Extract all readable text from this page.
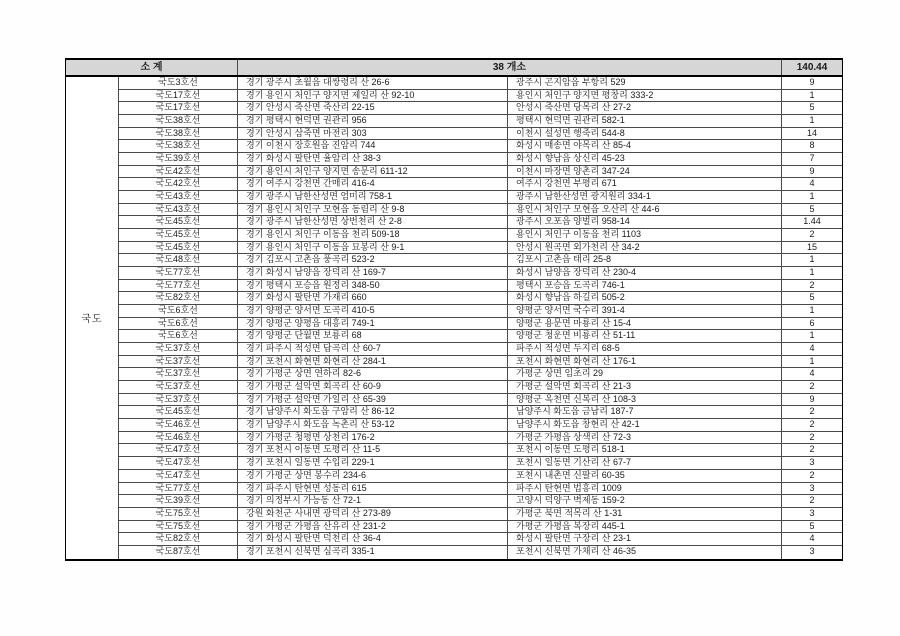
소 계	38 개소	140.44
국도
국도3호선	경기 광주시 초월읍 대쌍령리 산 26-6	광주시 곤지암읍 부항리 529	9
국도17호선	경기 용인시 처인구 양지면 제일리 산 92-10	용인시 처인구 양지면 평창리 333-2	1
국도17호선	경기 안성시 죽산면 죽산리 22-15	안성시 죽산면 당목리 산 27-2	5
국도38호선	경기 평택시 현덕면 권관리 956	평택시 현덕면 권관리 582-1	1
국도38호선	경기 안성시 삼죽면 마전리 303	이천시 설성면 행죽리 544-8	14
국도38호선	경기 이천시 장호원읍 진암리 744	화성시 매송면 야목리 산 85-4	8
국도39호선	경기 화성시 팔탄면 율암리 산 38-3	화성시 향남읍 상신리 45-23	7
국도42호선	경기 용인시 처인구 양지면 송문리 611-12	이천시 마장면 양촌리 347-24	9
국도42호선	경기 여주시 강천면 간매리 416-4	여주시 강천면 부평리 671	4
국도43호선	경기 광주시 남한산성면 엄미리 758-1	광주시 남한산성면 광지원리 334-1	1
국도43호선	경기 용인시 처인구 모현읍 동림리 산 9-8	용인시 처인구 모현읍 오산리 산 44-6	5
국도45호선	경기 광주시 남한산성면 상번천리 산 2-8	광주시 오포읍 양벌리 958-14	1.44
국도45호선	경기 용인시 처인구 이동읍 천리 509-18	용인시 처인구 이동읍 천리 1103	2
국도45호선	경기 용인시 처인구 이동읍 묘봉리 산 9-1	안성시 원곡면 외가천리 산 34-2	15
국도48호선	경기 김포시 고촌읍 풍곡리 523-2	김포시 고촌읍 태리 25-8	1
국도77호선	경기 화성시 남양읍 장덕리 산 169-7	화성시 남양읍 장덕리 산 230-4	1
국도77호선	경기 평택시 포승읍 원정리 348-50	평택시 포승읍 도곡리 746-1	2
국도82호선	경기 화성시 팔탄면 가재리 660	화성시 향남읍 하길리 505-2	5
국도6호선	경기 양평군 양서면 도곡리 410-5	양평군 양서면 국수리 391-4	1
국도6호선	경기 양평군 양평읍 대흥리 749-1	양평군 용문면 마룡리 산 15-4	6
국도6호선	경기 양평군 단월면 보룡리 68	양평군 청운면 비룡리 산 51-11	1
국도37호선	경기 파주시 적성면 답곡리 산 60-7	파주시 적성면 두지리 68-5	4
국도37호선	경기 포천시 화현면 화현리 산 284-1	포천시 화현면 화현리 산 176-1	1
국도37호선	경기 가평군 상면 연하리 82-6	가평군 상면 임초리 29	4
국도37호선	경기 가평군 설악면 회곡리 산 60-9	가평군 설악면 회곡리 산 21-3	2
국도37호선	경기 가평군 설악면 가일리 산 65-39	양평군 옥천면 신복리 산 108-3	9
국도45호선	경기 남양주시 화도읍 구암리 산 86-12	남양주시 화도읍 금남리 187-7	2
국도46호선	경기 남양주시 화도읍 녹촌리 산 53-12	남양주시 화도읍 창현리 산 42-1	2
국도46호선	경기 가평군 청평면 상천리 176-2	가평군 가평읍 상색리 산 72-3	2
국도47호선	경기 포천시 이동면 도평리 산 11-5	포천시 이동면 도평리 518-1	2
국도47호선	경기 포천시 일동면 수입리 229-1	포천시 일동면 기산리 산 67-7	3
국도47호선	경기 가평군 상면 봉수리 234-6	포천시 내촌면 신팔리 60-35	2
국도77호선	경기 파주시 탄현면 성동리 615	파주시 탄현면 법흥리 1009	3
국도39호선	경기 의정부시 가능동 산 72-1	고양시 덕양구 벽제동 159-2	2
국도75호선	강원 화천군 사내면 광덕리 산 273-89	가평군 북면 적목리 산 1-31	3
국도75호선	경기 가평군 가평읍 산유리 산 231-2	가평군 가평읍 복장리 445-1	5
국도82호선	경기 화성시 팔탄면 덕천리 산 36-4	화성시 팔탄면 구장리 산 23-1	4
국도87호선	경기 포천시 신북면 심곡리 335-1	포천시 신북면 가채리 산 46-35	3
